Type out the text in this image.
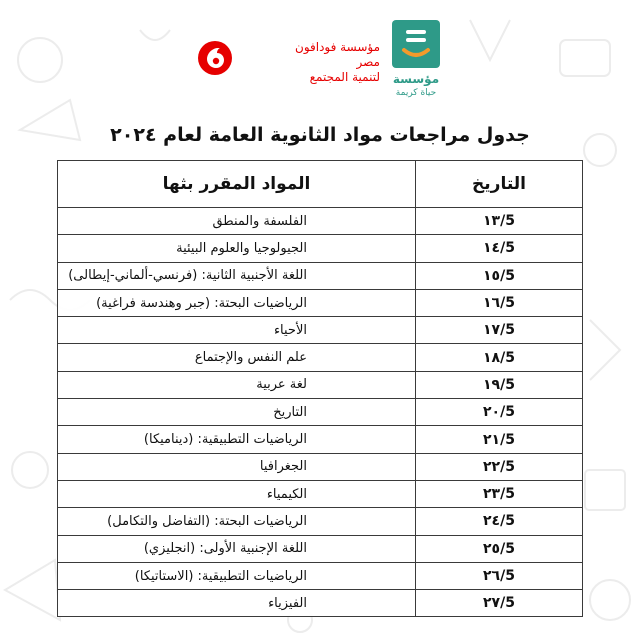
مؤسسة فودافون
مصر
لتنمية المجتمع	مؤسسة
حياة كريمة
جدول مراجعات مواد الثانوية العامة لعام ٢٠٢٤
التاريخ	المواد المقرر بثها
5/١٣	الفلسفة والمنطق
5/١٤	الجيولوجيا والعلوم البيئية
5/١٥	اللغة الأجنبية الثانية: (فرنسي-ألماني-إيطالى)
5/١٦	الرياضيات البحتة: (جبر وهندسة فراغية)
5/١٧	الأحياء
5/١٨	علم النفس والإجتماع
5/١٩	لغة عربية
5/٢٠	التاريخ
5/٢١	الرياضيات التطبيقية: (ديناميكا)
5/٢٢	الجغرافيا
5/٢٣	الكيمياء
5/٢٤	الرياضيات البحتة: (التفاضل والتكامل)
5/٢٥	اللغة الإجنبية الأولى: (انجليزي)
5/٢٦	الرياضيات التطبيقية: (الاستاتيكا)
5/٢٧	الفيزياء
